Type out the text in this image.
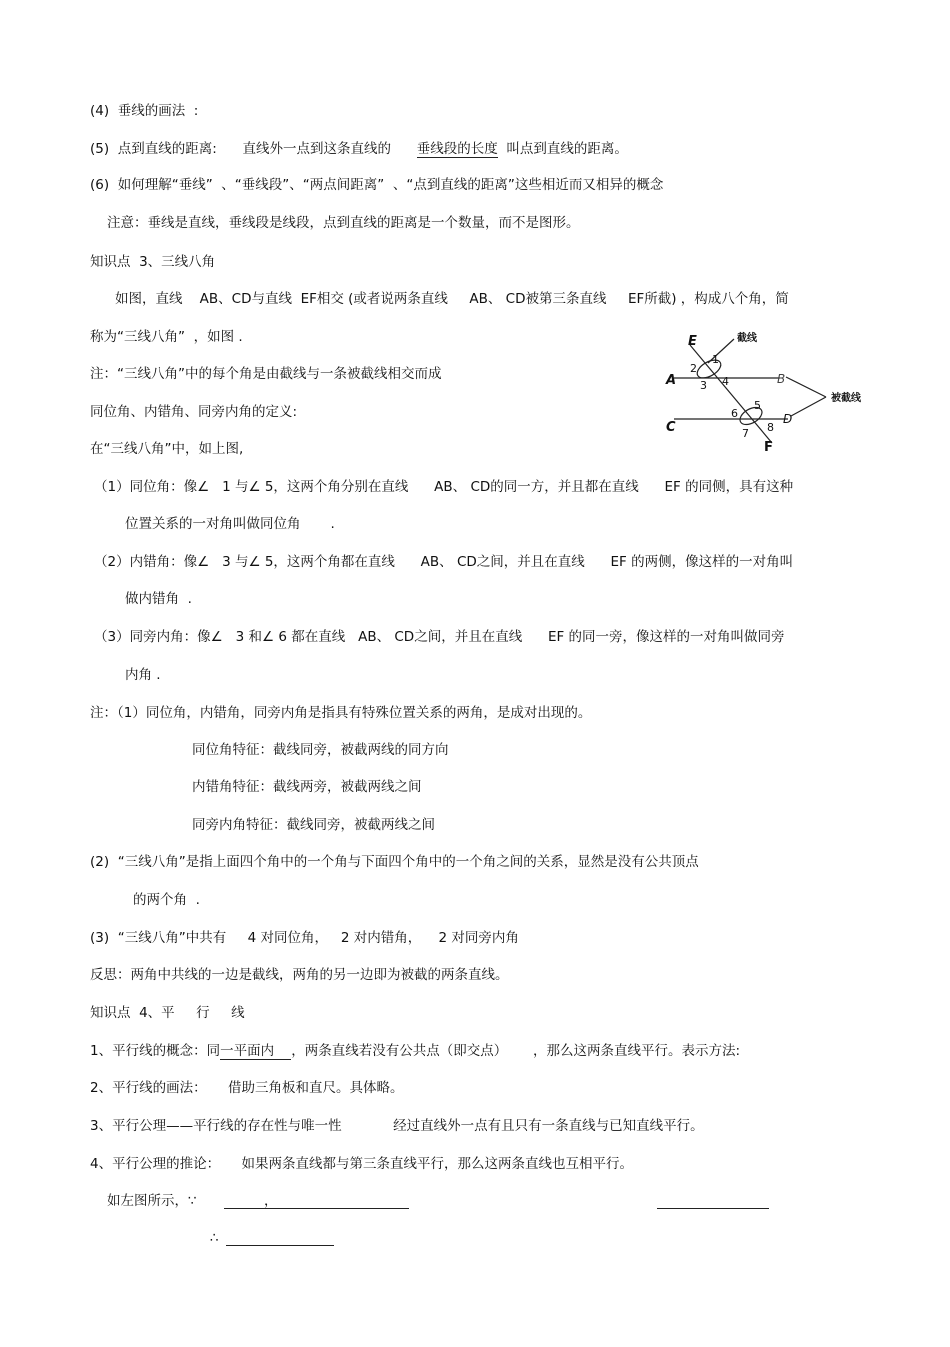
(4)  垂线的画法  :
(5)  点到直线的距离:      直线外一点到这条直线的      垂线段的长度  叫点到直线的距离。
(6)  如何理解“垂线”  、“垂线段”、“两点间距离”  、“点到直线的距离”这些相近而又相异的概念
注意：垂线是直线，垂线段是线段，点到直线的距离是一个数量，而不是图形。
知识点  3、三线八角
如图，直线    AB、CD与直线  EF相交 (或者说两条直线     AB、 CD被第三条直线     EF所截) ，构成八个角，简
称为“三线八角”  ，如图 .
注：“三线八角”中的每个角是由截线与一条被截线相交而成
同位角、内错角、同旁内角的定义:
在“三线八角”中，如上图,
（1）同位角：像∠   1 与∠ 5，这两个角分别在直线      AB、 CD的同一方，并且都在直线      EF 的同侧，具有这种
位置关系的一对角叫做同位角       .
（2）内错角：像∠   3 与∠ 5，这两个角都在直线      AB、 CD之间，并且在直线      EF 的两侧，像这样的一对角叫
做内错角  .
（3）同旁内角：像∠   3 和∠ 6 都在直线   AB、 CD之间，并且在直线      EF 的同一旁，像这样的一对角叫做同旁
内角 .
注：（1）同位角，内错角，同旁内角是指具有特殊位置关系的两角，是成对出现的。
同位角特征：截线同旁，被截两线的同方向
内错角特征：截线两旁，被截两线之间
同旁内角特征：截线同旁，被截两线之间
(2)  “三线八角”是指上面四个角中的一个角与下面四个角中的一个角之间的关系，显然是没有公共顶点
的两个角  .
(3)  “三线八角”中共有     4 对同位角，   2 对内错角，    2 对同旁内角
反思：两角中共线的一边是截线，两角的另一边即为被截的两条直线。
知识点  4、平     行     线
1、平行线的概念：同一平面内    ，两条直线若没有公共点（即交点）      ，那么这两条直线平行。表示方法:
2、平行线的画法：     借助三角板和直尺。具体略。
3、平行公理——平行线的存在性与唯一性            经过直线外一点有且只有一条直线与已知直线平行。
4、平行公理的推论：     如果两条直线都与第三条直线平行，那么这两条直线也互相平行。
如左图所示，∵	，
∴
E
F
A	B
C
D
截线
被截线
1
2
3 4
5
6
7 8
